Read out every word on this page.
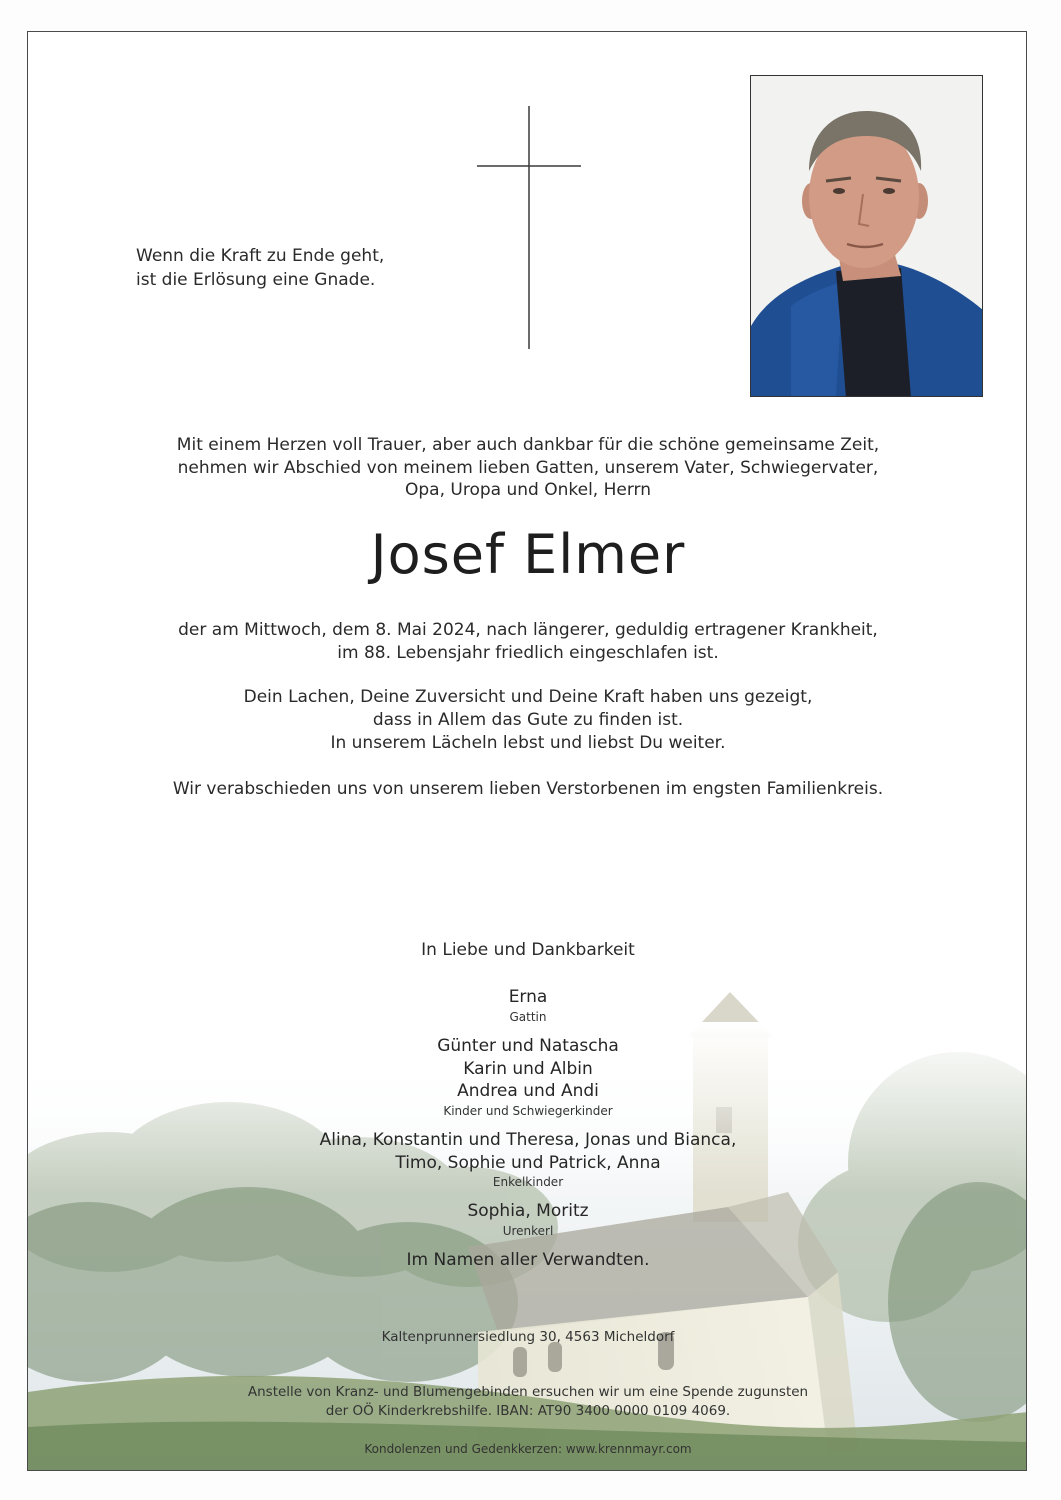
Wenn die Kraft zu Ende geht,
ist die Erlösung eine Gnade.
Mit einem Herzen voll Trauer, aber auch dankbar für die schöne gemeinsame Zeit,
nehmen wir Abschied von meinem lieben Gatten, unserem Vater, Schwiegervater,
Opa, Uropa und Onkel, Herrn
Josef Elmer
der am Mittwoch, dem 8. Mai 2024, nach längerer, geduldig ertragener Krankheit,
im 88. Lebensjahr friedlich eingeschlafen ist.
Dein Lachen, Deine Zuversicht und Deine Kraft haben uns gezeigt,
dass in Allem das Gute zu finden ist.
In unserem Lächeln lebst und liebst Du weiter.
Wir verabschieden uns von unserem lieben Verstorbenen im engsten Familienkreis.
In Liebe und Dankbarkeit
Erna
Gattin
Günter und Natascha
Karin und Albin
Andrea und Andi
Kinder und Schwiegerkinder
Alina, Konstantin und Theresa, Jonas und Bianca,
Timo, Sophie und Patrick, Anna
Enkelkinder
Sophia, Moritz
Urenkerl
Im Namen aller Verwandten.
Kaltenprunnersiedlung 30, 4563 Micheldorf
Anstelle von Kranz- und Blumengebinden ersuchen wir um eine Spende zugunsten
der OÖ Kinderkrebshilfe. IBAN: AT90 3400 0000 0109 4069.
Kondolenzen und Gedenkkerzen: www.krennmayr.com
